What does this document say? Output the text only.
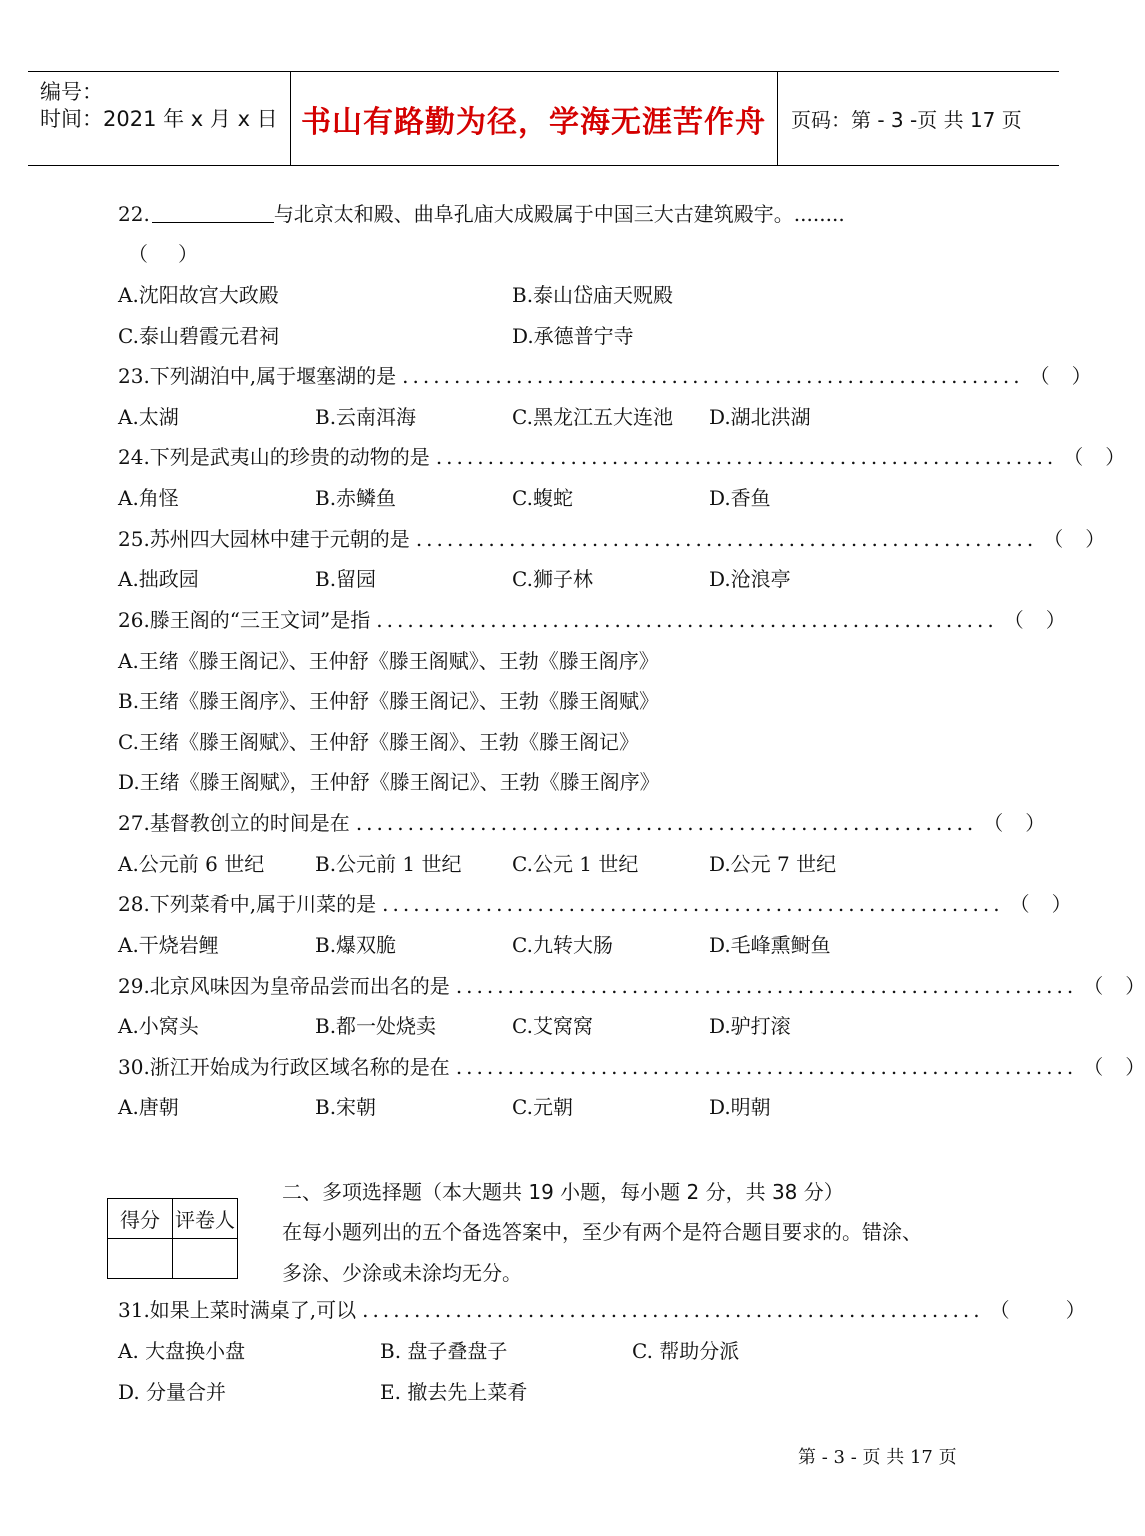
编号：
时间：2021 年 x 月 x 日 书山有路勤为径，学海无涯苦作舟	页码：第 - 3 -页 共 17 页
22.	与北京太和殿、曲阜孔庙大成殿属于中国三大古建筑殿宇。........
（ ）
A.沈阳故宫大政殿	B.泰山岱庙天贶殿
C.泰山碧霞元君祠	D.承德普宁寺
23.下列湖泊中,属于堰塞湖的是 ............................................................ （ ）
A.太湖	B.云南洱海	C.黑龙江五大连池 D.湖北洪湖
24.下列是武夷山的珍贵的动物的是 ............................................................ （ ）
A.角怪	B.赤鳞鱼	C.蝮蛇	D.香鱼
25.苏州四大园林中建于元朝的是 ............................................................ （ ）
A.拙政园	B.留园	C.狮子林	D.沧浪亭
26.滕王阁的“三王文词”是指 ............................................................ （ ）
A.王绪《滕王阁记》、王仲舒《滕王阁赋》、王勃《滕王阁序》
B.王绪《滕王阁序》、王仲舒《滕王阁记》、王勃《滕王阁赋》
C.王绪《滕王阁赋》、王仲舒《滕王阁》、王勃《滕王阁记》
D.王绪《滕王阁赋》，王仲舒《滕王阁记》、王勃《滕王阁序》
27.基督教创立的时间是在 ............................................................ （ ）
A.公元前 6 世纪	B.公元前 1 世纪	C.公元 1 世纪	D.公元 7 世纪
28.下列菜肴中,属于川菜的是 ............................................................ （ ）
A.干烧岩鲤	B.爆双脆	C.九转大肠	D.毛峰熏鲥鱼
29.北京风味因为皇帝品尝而出名的是 ............................................................ （ ）
A.小窝头	B.都一处烧卖	C.艾窝窝	D.驴打滚
30.浙江开始成为行政区域名称的是在 ............................................................ （ ）
A.唐朝	B.宋朝	C.元朝	D.明朝
得分	评卷人

二、多项选择题（本大题共 19 小题，每小题 2 分，共 38 分）
在每小题列出的五个备选答案中，至少有两个是符合题目要求的。错涂、
多涂、少涂或未涂均无分。
31.如果上菜时满桌了,可以 ............................................................ （	）
A. 大盘换小盘	B. 盘子叠盘子	C. 帮助分派
D. 分量合并	E. 撤去先上菜肴
第 - 3 - 页 共 17 页
